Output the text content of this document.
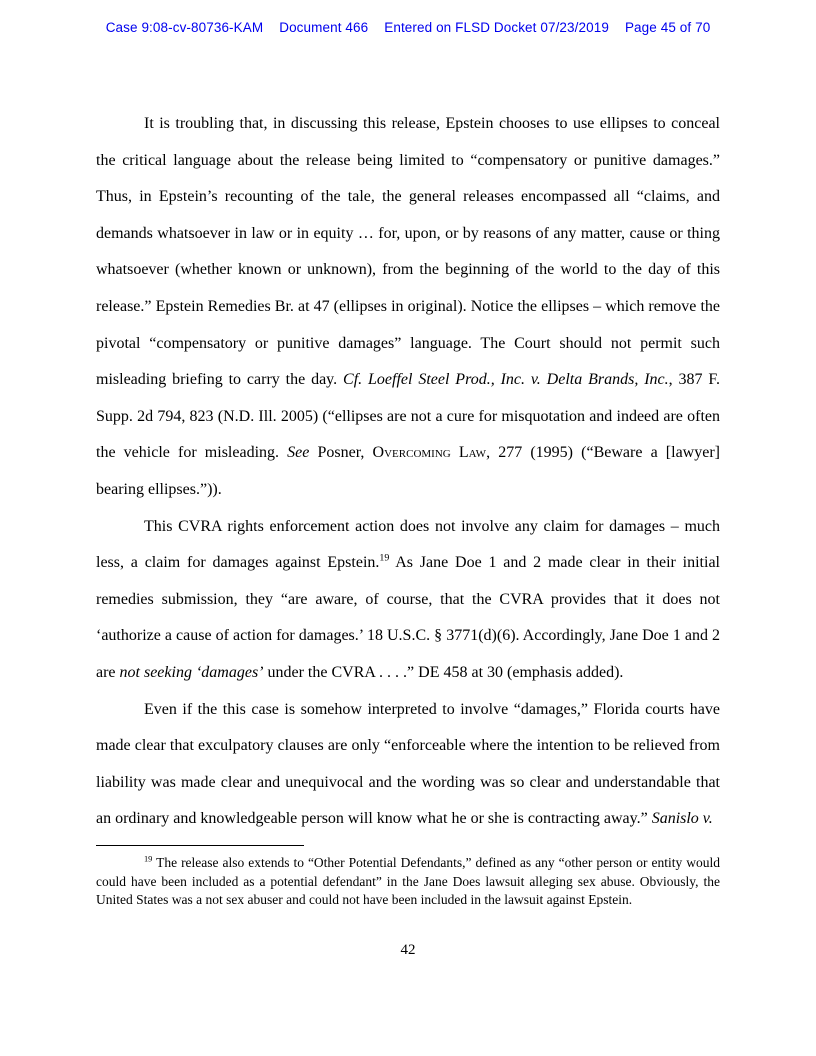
Case 9:08-cv-80736-KAM Document 466 Entered on FLSD Docket 07/23/2019 Page 45 of 70

It is troubling that, in discussing this release, Epstein chooses to use ellipses to conceal the critical language about the release being limited to “compensatory or punitive damages.” Thus, in Epstein’s recounting of the tale, the general releases encompassed all “claims, and demands whatsoever in law or in equity … for, upon, or by reasons of any matter, cause or thing whatsoever (whether known or unknown), from the beginning of the world to the day of this release.” Epstein Remedies Br. at 47 (ellipses in original). Notice the ellipses – which remove the pivotal “compensatory or punitive damages” language. The Court should not permit such misleading briefing to carry the day. Cf. Loeffel Steel Prod., Inc. v. Delta Brands, Inc., 387 F. Supp. 2d 794, 823 (N.D. Ill. 2005) (“ellipses are not a cure for misquotation and indeed are often the vehicle for misleading. See Posner, Overcoming Law, 277 (1995) (“Beware a [lawyer] bearing ellipses.”)).

This CVRA rights enforcement action does not involve any claim for damages – much less, a claim for damages against Epstein.$^{19}$ As Jane Doe 1 and 2 made clear in their initial remedies submission, they “are aware, of course, that the CVRA provides that it does not ‘authorize a cause of action for damages.’ 18 U.S.C. § 3771(d)(6). Accordingly, Jane Doe 1 and 2 are not seeking ‘damages’ under the CVRA . . . .” DE 458 at 30 (emphasis added).

Even if the this case is somehow interpreted to involve “damages,” Florida courts have made clear that exculpatory clauses are only “enforceable where the intention to be relieved from liability was made clear and unequivocal and the wording was so clear and understandable that an ordinary and knowledgeable person will know what he or she is contracting away.” Sanislo v.

$^{19}$ The release also extends to “Other Potential Defendants,” defined as any “other person or entity would could have been included as a potential defendant” in the Jane Does lawsuit alleging sex abuse. Obviously, the United States was a not sex abuser and could not have been included in the lawsuit against Epstein.

42
